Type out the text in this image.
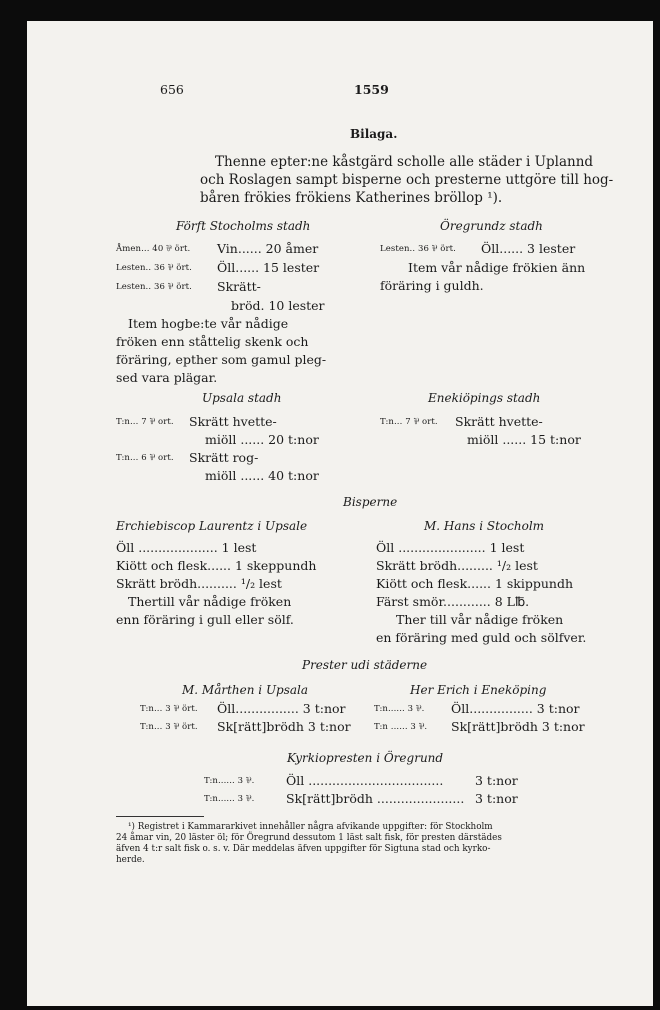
656	1559
Bilaga.
Thenne epter:ne kåstgärd scholle alle städer i Uplannd
och Roslagen sampt bisperne och presterne uttgöre till hog-
båren frökies frökiens Katherines bröllop ¹).
Förft Stocholms stadh
Åmen... 40 ⅌ ört. Vin...... 20 åmer
Lesten.. 36 ⅌ ört. Öll...... 15 lester
Lesten.. 36 ⅌ ört. Skrätt-
bröd. 10 lester
Item hogbe:te vår nådige
fröken enn ståttelig skenk och
föräring, epther som gamul pleg-
sed vara plägar.
Öregrundz stadh
Lesten.. 36 ⅌ ört. Öll...... 3 lester
Item vår nådige frökien änn
föräring i guldh.
Upsala stadh
T:n... 7 ⅌ ort. Skrätt hvette-
mi̇öll ...... 20 t:nor
T:n... 6 ⅌ ort. Skrätt rog-
miöll ...... 40 t:nor
Enekiöpings stadh
T:n... 7 ⅌ ort. Skrätt hvette-
miöll ...... 15 t:nor
Bisperne
Erchiebiscop Laurentz i Upsale
Öll .................... 1 lest
Kiött och flesk...... 1 skeppundh
Skrätt brödh.......... ¹/₂ lest
Thertill vår nådige fröken
enn föräring i gull eller sölf.
M. Hans i Stocholm
Öll ...................... 1 lest
Skrätt brödh......... ¹/₂ lest
Kiött och flesk...... 1 skippundh
Färst smör............ 8 L℔.
Ther till vår nådige fröken
en föräring med guld och sölfver.
Prester udi städerne
M. Mårthen i Upsala
T:n... 3 ⅌ ört. Öll................ 3 t:nor
T:n... 3 ⅌ ört. Sk[rätt]brödh 3 t:nor
Her Erich i Eneköping
T:n...... 3 ⅌. Öll................ 3 t:nor
T:n ...... 3 ⅌. Sk[rätt]brödh 3 t:nor
Kyrkiopresten i Öregrund
T:n...... 3 ⅌.	Öll ..................................	3 t:nor
T:n...... 3 ⅌.	Sk[rätt]brödh ...................... 3 t:nor
¹) Registret i Kammararkivet innehåller några afvikande uppgifter: för Stockholm
24 åmar vin, 20 läster öl; för Öregrund dessutom 1 läst salt fisk, för presten därstädes
äfven 4 t:r salt fisk o. s. v. Där meddelas äfven uppgifter för Sigtuna stad och kyrko-
herde.
